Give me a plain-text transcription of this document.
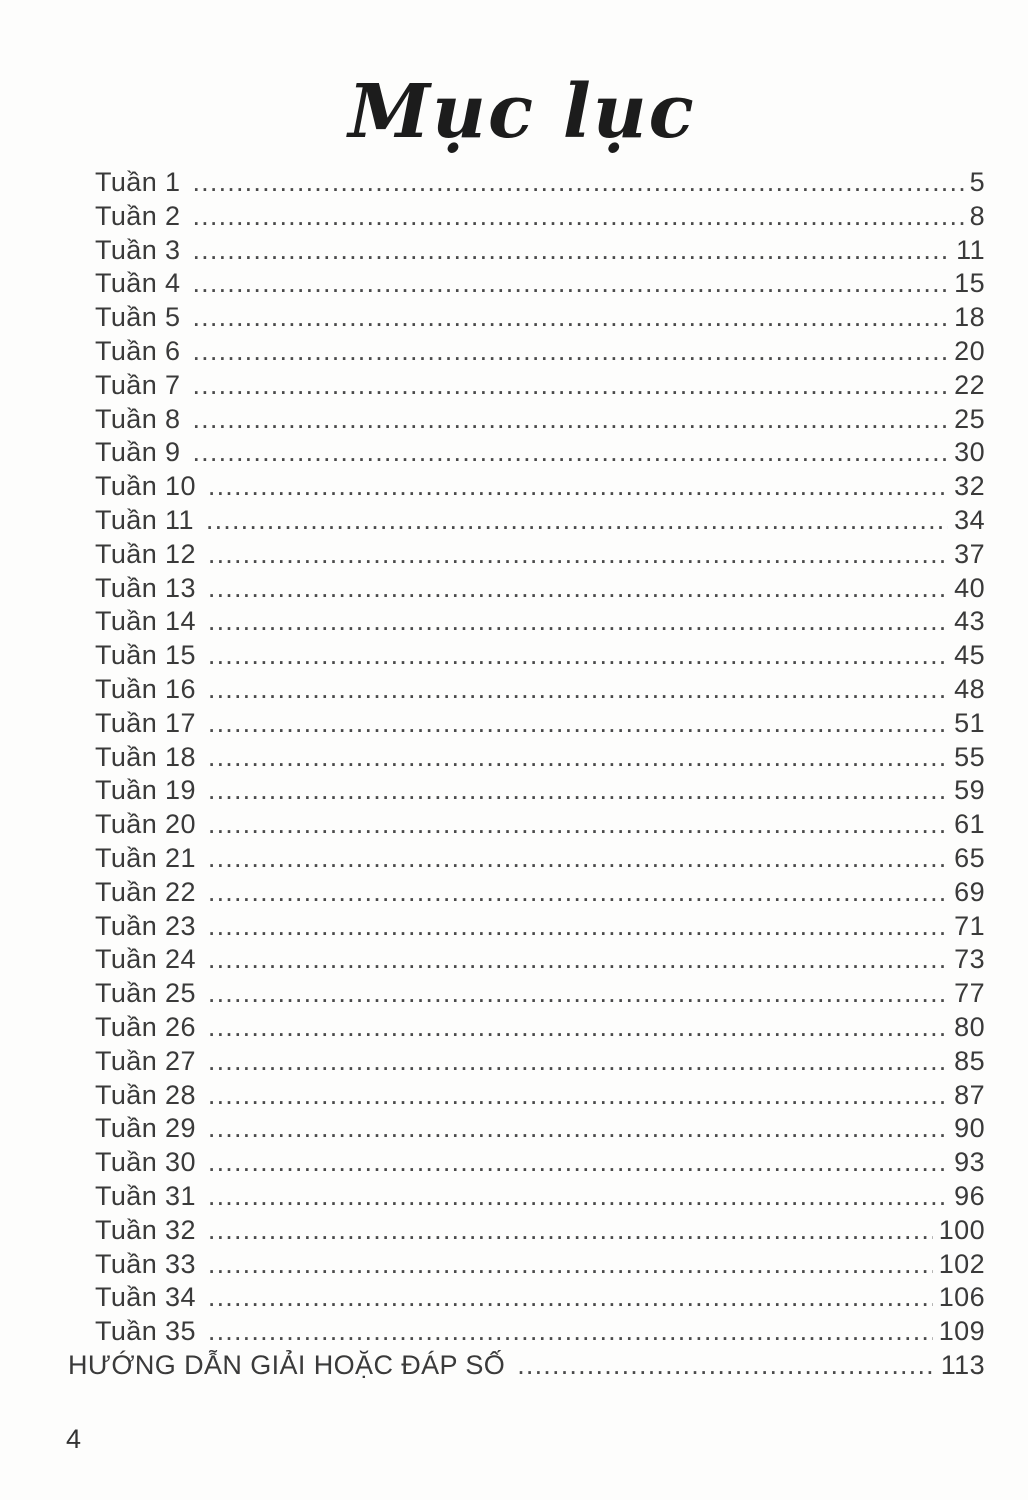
Mục lục
Tuần 1 .....	5
Tuần 2 .....	8
Tuần 3 .....	11
Tuần 4 .....	15
Tuần 5 .....	18
Tuần 6 .....	20
Tuần 7 .....	22
Tuần 8 .....	25
Tuần 9 .....	30
Tuần 10 .....	32
Tuần 11 .....	34
Tuần 12 .....	37
Tuần 13 .....	40
Tuần 14 .....	43
Tuần 15 .....	45
Tuần 16 .....	48
Tuần 17 .....	51
Tuần 18 .....	55
Tuần 19 .....	59
Tuần 20 .....	61
Tuần 21 .....	65
Tuần 22 .....	69
Tuần 23 .....	71
Tuần 24 .....	73
Tuần 25 .....	77
Tuần 26 .....	80
Tuần 27 .....	85
Tuần 28 .....	87
Tuần 29 .....	90
Tuần 30 .....	93
Tuần 31 .....	96
Tuần 32 .....	100
Tuần 33 .....	102
Tuần 34 .....	106
Tuần 35 .....	109
HƯỚNG DẪN GIẢI HOẶC ĐÁP SỐ .....	113
4
